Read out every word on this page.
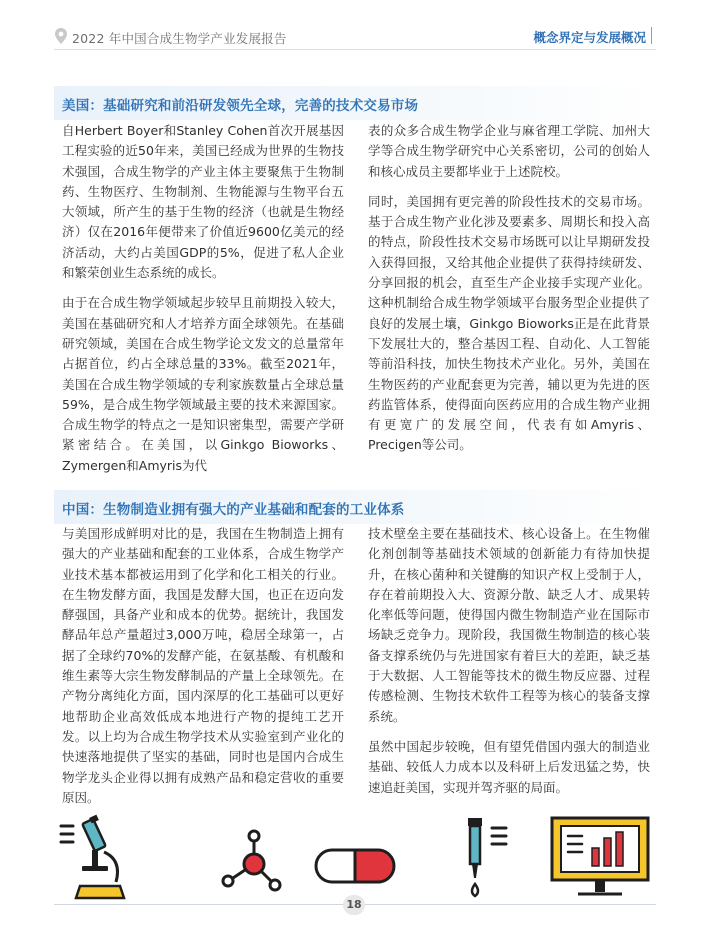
2022 年中国合成生物学产业发展报告	概念界定与发展概况
美国：基础研究和前沿研发领先全球，完善的技术交易市场

自Herbert Boyer和Stanley Cohen首次开展基因工程实验的近50年来，美国已经成为世界的生物技术强国，合成生物学的产业主体主要聚焦于生物制药、生物医疗、生物制剂、生物能源与生物平台五大领域，所产生的基于生物的经济（也就是生物经济）仅在2016年便带来了价值近9600亿美元的经济活动，大约占美国GDP的5%，促进了私人企业和繁荣创业生态系统的成长。

由于在合成生物学领域起步较早且前期投入较大，美国在基础研究和人才培养方面全球领先。在基础研究领域，美国在合成生物学论文发文的总量常年占据首位，约占全球总量的33%。截至2021年，美国在合成生物学领域的专利家族数量占全球总量59%，是合成生物学领域最主要的技术来源国家。合成生物学的特点之一是知识密集型，需要产学研紧密结合。在美国，以Ginkgo Bioworks、Zymergen和Amyris为代

表的众多合成生物学企业与麻省理工学院、加州大学等合成生物学研究中心关系密切，公司的创始人和核心成员主要都毕业于上述院校。

同时，美国拥有更完善的阶段性技术的交易市场。基于合成生物产业化涉及要素多、周期长和投入高的特点，阶段性技术交易市场既可以让早期研发投入获得回报，又给其他企业提供了获得持续研发、分享回报的机会，直至生产企业接手实现产业化。这种机制给合成生物学领域平台服务型企业提供了良好的发展土壤，Ginkgo Bioworks正是在此背景下发展壮大的，整合基因工程、自动化、人工智能等前沿科技，加快生物技术产业化。另外，美国在生物医药的产业配套更为完善，辅以更为先进的医药监管体系，使得面向医药应用的合成生物产业拥有更宽广的发展空间，代表有如Amyris、Precigen等公司。

中国：生物制造业拥有强大的产业基础和配套的工业体系

与美国形成鲜明对比的是，我国在生物制造上拥有强大的产业基础和配套的工业体系，合成生物学产业技术基本都被运用到了化学和化工相关的行业。在生物发酵方面，我国是发酵大国，也正在迈向发酵强国，具备产业和成本的优势。据统计，我国发酵品年总产量超过3,000万吨，稳居全球第一，占据了全球约70%的发酵产能，在氨基酸、有机酸和维生素等大宗生物发酵制品的产量上全球领先。在产物分离纯化方面，国内深厚的化工基础可以更好地帮助企业高效低成本地进行产物的提纯工艺开发。以上均为合成生物学技术从实验室到产业化的快速落地提供了坚实的基础，同时也是国内合成生物学龙头企业得以拥有成熟产品和稳定营收的重要原因。

技术壁垒主要在基础技术、核心设备上。在生物催化剂创制等基础技术领域的创新能力有待加快提升，在核心菌种和关键酶的知识产权上受制于人，存在着前期投入大、资源分散、缺乏人才、成果转化率低等问题，使得国内微生物制造产业在国际市场缺乏竞争力。现阶段，我国微生物制造的核心装备支撑系统仍与先进国家有着巨大的差距，缺乏基于大数据、人工智能等技术的微生物反应器、过程传感检测、生物技术软件工程等为核心的装备支撑系统。

虽然中国起步较晚，但有望凭借国内强大的制造业基础、较低人力成本以及科研上后发迅猛之势，快速追赶美国，实现并驾齐驱的局面。

18
